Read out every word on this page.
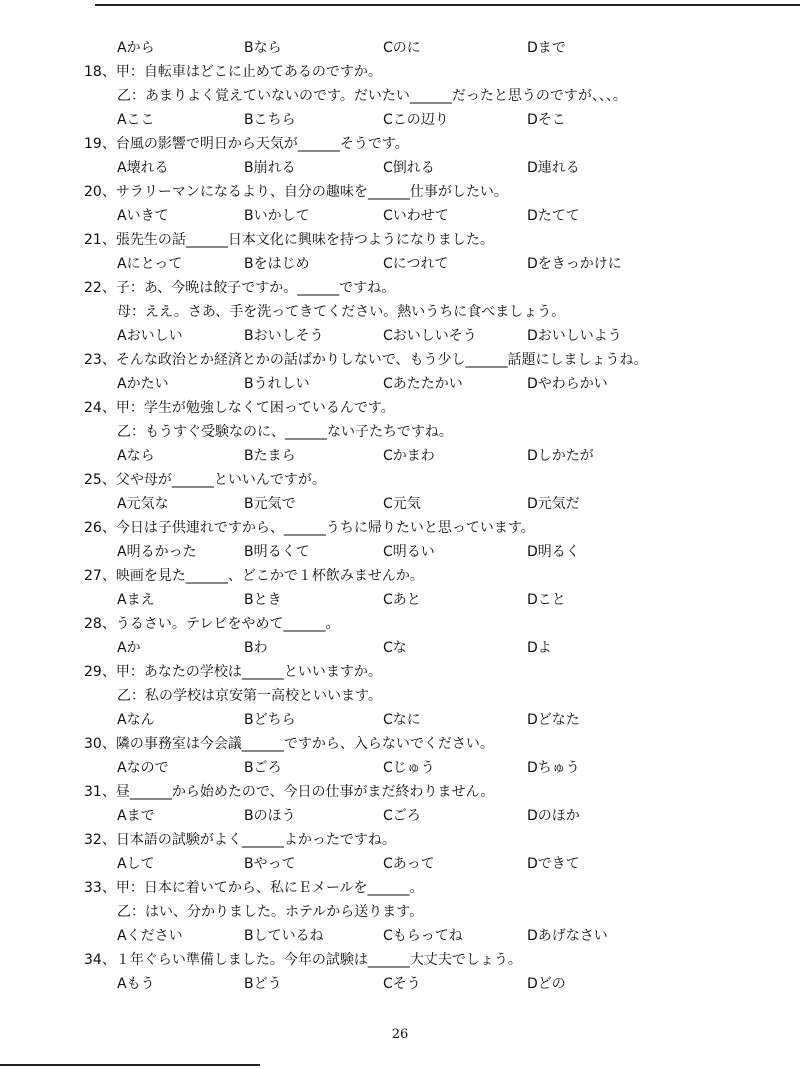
Aから	Bなら	Cのに	Dまで
18、甲：自転車はどこに止めてあるのですか。
乙：あまりよく覚えていないのです。だいたい______だったと思うのですが、、、。
Aここ	Bこちら	Cこの辺り	Dそこ
19、台風の影響で明日から天気が______そうです。
A壊れる	B崩れる	C倒れる	D連れる
20、サラリーマンになるより、自分の趣味を______仕事がしたい。
Aいきて	Bいかして	Cいわせて	Dたてて
21、張先生の話______日本文化に興味を持つようになりました。
Aにとって	Bをはじめ	Cにつれて	Dをきっかけに
22、子：あ、今晩は餃子ですか。______ですね。
母：ええ。さあ、手を洗ってきてください。熱いうちに食べましょう。
Aおいしい	Bおいしそう	Cおいしいそう	Dおいしいよう
23、そんな政治とか経済とかの話ばかりしないで、もう少し______話題にしましょうね。
Aかたい	Bうれしい	Cあたたかい	Dやわらかい
24、甲：学生が勉強しなくて困っているんです。
乙：もうすぐ受験なのに、______ない子たちですね。
Aなら	Bたまら	Cかまわ	Dしかたが
25、父や母が______といいんですが。
A元気な	B元気で	C元気	D元気だ
26、今日は子供連れですから、______うちに帰りたいと思っています。
A明るかった	B明るくて	C明るい	D明るく
27、映画を見た______、どこかで１杯飲みませんか。
Aまえ	Bとき	Cあと	Dこと
28、うるさい。テレビをやめて______。
Aか	Bわ	Cな	Dよ
29、甲：あなたの学校は______といいますか。
乙：私の学校は京安第一高校といいます。
Aなん	Bどちら	Cなに	Dどなた
30、隣の事務室は今会議______ですから、入らないでください。
Aなので	Bごろ	Cじゅう	Dちゅう
31、昼______から始めたので、今日の仕事がまだ終わりません。
Aまで	Bのほう	Cごろ	Dのほか
32、日本語の試験がよく______よかったですね。
Aして	Bやって	Cあって	Dできて
33、甲：日本に着いてから、私にＥメールを______。
乙：はい、分かりました。ホテルから送ります。
Aください	Bしているね	Cもらってね	Dあげなさい
34、１年ぐらい準備しました。今年の試験は______大丈夫でしょう。
Aもう	Bどう	Cそう	Dどの
26
